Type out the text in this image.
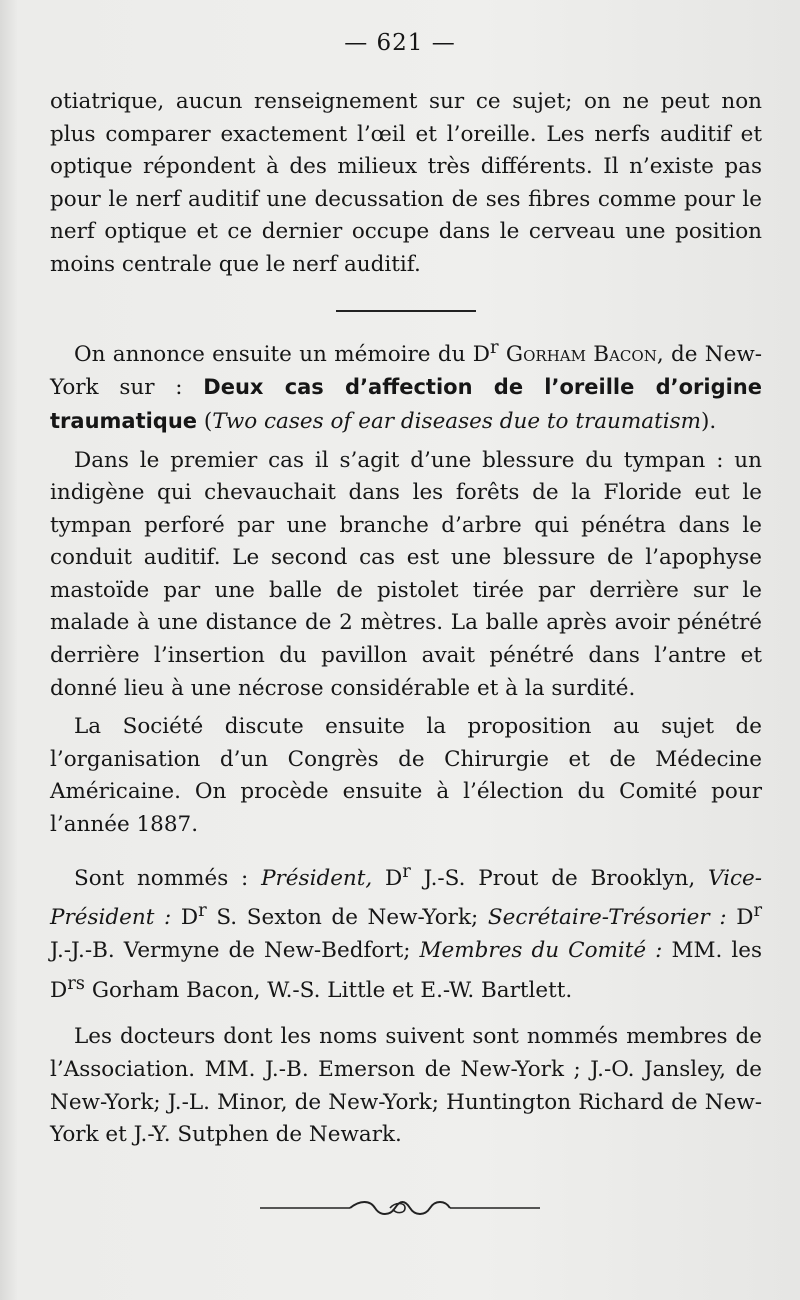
— 621 —

otiatrique, aucun renseignement sur ce sujet; on ne peut non plus comparer exactement l’œil et l’oreille. Les nerfs auditif et optique répondent à des milieux très différents. Il n’existe pas pour le nerf auditif une decussation de ses fibres comme pour le nerf optique et ce dernier occupe dans le cerveau une position moins centrale que le nerf auditif.

On annonce ensuite un mémoire du $D^r$ Gorham Bacon, de New-York sur : Deux cas d’affection de l’oreille d’origine traumatique (Two cases of ear diseases due to traumatism).

Dans le premier cas il s’agit d’une blessure du tympan : un indigène qui chevauchait dans les forêts de la Floride eut le tympan perforé par une branche d’arbre qui pénétra dans le conduit auditif. Le second cas est une blessure de l’apophyse mastoïde par une balle de pistolet tirée par derrière sur le malade à une distance de 2 mètres. La balle après avoir pénétré derrière l’insertion du pavillon avait pénétré dans l’antre et donné lieu à une nécrose considérable et à la surdité.

La Société discute ensuite la proposition au sujet de l’organisation d’un Congrès de Chirurgie et de Médecine Américaine. On procède ensuite à l’élection du Comité pour l’année 1887.

Sont nommés : Président, $D^r$ J.-S. Prout de Brooklyn, Vice-Président : $D^r$ S. Sexton de New-York; Secrétaire-Trésorier : $D^r$ J.-J.-B. Vermyne de New-Bedfort; Membres du Comité : MM. les $D^{rs}$ Gorham Bacon, W.-S. Little et E.-W. Bartlett.

Les docteurs dont les noms suivent sont nommés membres de l’Association. MM. J.-B. Emerson de New-York ; J.-O. Jansley, de New-York; J.-L. Minor, de New-York; Huntington Richard de New-York et J.-Y. Sutphen de Newark.
